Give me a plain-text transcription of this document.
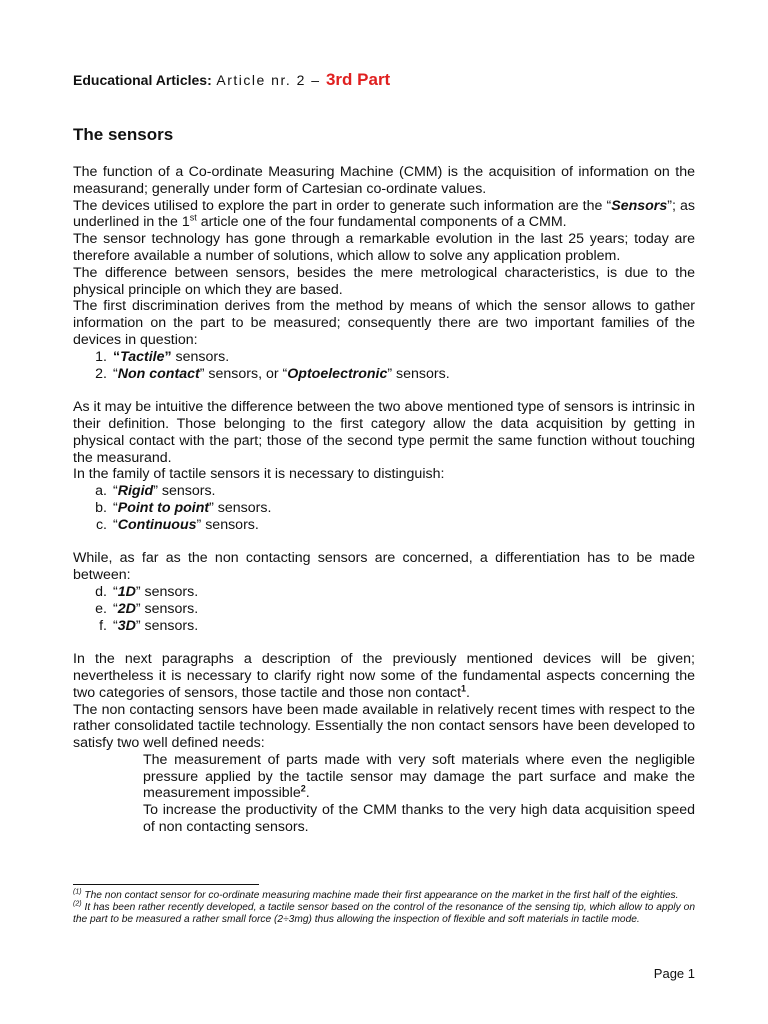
Educational Articles: Article nr. 2 – 3rd Part
The sensors

The function of a Co-ordinate Measuring Machine (CMM) is the acquisition of information on the measurand; generally under form of Cartesian co-ordinate values.

The devices utilised to explore the part in order to generate such information are the “Sensors”; as underlined in the 1st article one of the four fundamental components of a CMM.

The sensor technology has gone through a remarkable evolution in the last 25 years; today are therefore available a number of solutions, which allow to solve any application problem.

The difference between sensors, besides the mere metrological characteristics, is due to the physical principle on which they are based.

The first discrimination derives from the method by means of which the sensor allows to gather information on the part to be measured; consequently there are two important families of the devices in question:

1. “Tactile” sensors.
2. “Non contact” sensors, or “Optoelectronic” sensors.

As it may be intuitive the difference between the two above mentioned type of sensors is intrinsic in their definition. Those belonging to the first category allow the data acquisition by getting in physical contact with the part; those of the second type permit the same function without touching the measurand.

In the family of tactile sensors it is necessary to distinguish:

a. “Rigid” sensors.
b. “Point to point” sensors.
c. “Continuous” sensors.

While, as far as the non contacting sensors are concerned, a differentiation has to be made between:

d. “1D” sensors.
e. “2D” sensors.
f. “3D” sensors.

In the next paragraphs a description of the previously mentioned devices will be given; nevertheless it is necessary to clarify right now some of the fundamental aspects concerning the two categories of sensors, those tactile and those non contact$^1$.

The non contacting sensors have been made available in relatively recent times with respect to the rather consolidated tactile technology. Essentially the non contact sensors have been developed to satisfy two well defined needs:

The measurement of parts made with very soft materials where even the negligible pressure applied by the tactile sensor may damage the part surface and make the measurement impossible$^2$.

To increase the productivity of the CMM thanks to the very high data acquisition speed of non contacting sensors.

$^{(1)}$ The non contact sensor for co-ordinate measuring machine made their first appearance on the market in the first half of the eighties.

$^{(2)}$ It has been rather recently developed, a tactile sensor based on the control of the resonance of the sensing tip, which allow to apply on the part to be measured a rather small force (2÷3mg) thus allowing the inspection of flexible and soft materials in tactile mode.

Page 1
